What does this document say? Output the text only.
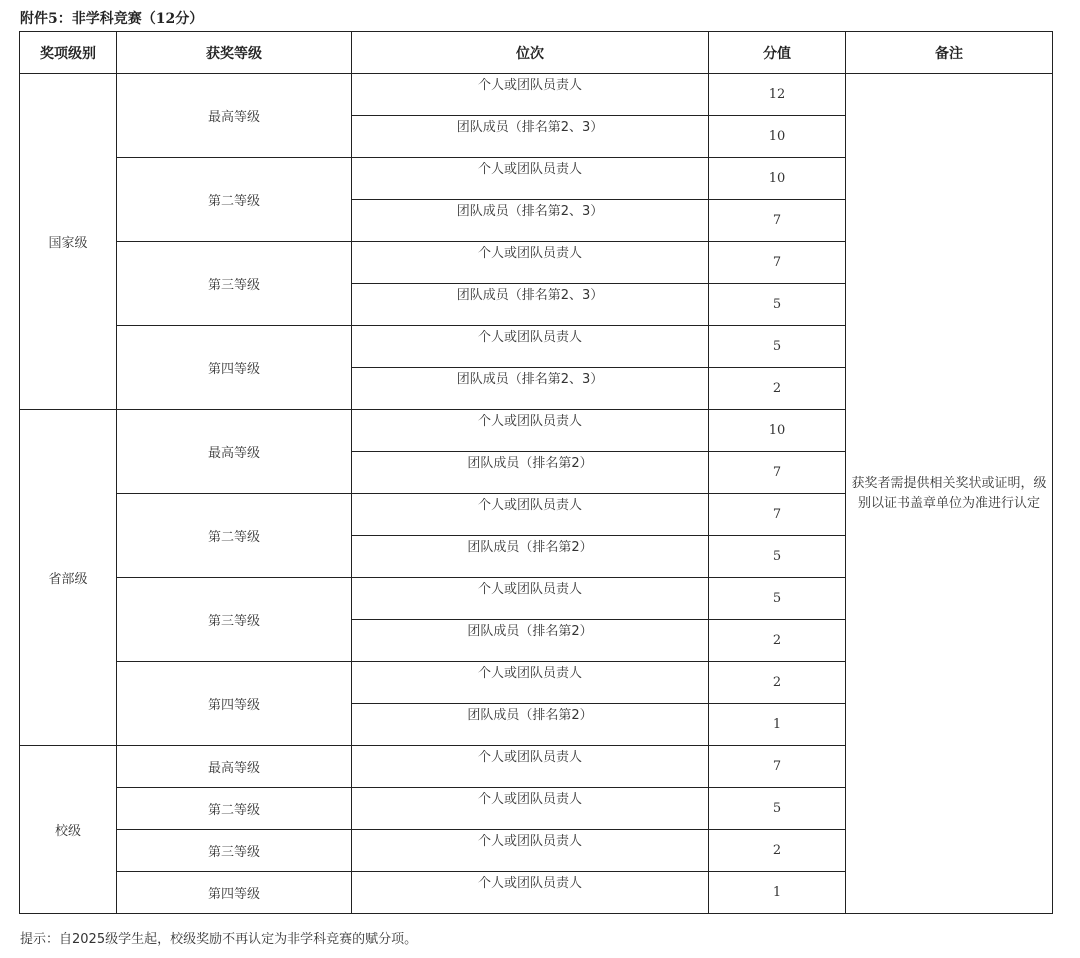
附件5：非学科竞赛（12分）
奖项级别	获奖等级	位次	分值	备注
国家级	最高等级	个人或团队员责人	12	获奖者需提供相关奖状或证明，级别以证书盖章单位为准进行认定
		团队成员（排名第2、3）	10	
	第二等级	个人或团队员责人	10	
		团队成员（排名第2、3）	7	
	第三等级	个人或团队员责人	7	
		团队成员（排名第2、3）	5	
	第四等级	个人或团队员责人	5	
		团队成员（排名第2、3）	2	
省部级	最高等级	个人或团队员责人	10	
		团队成员（排名第2）	7	
	第二等级	个人或团队员责人	7	
		团队成员（排名第2）	5	
	第三等级	个人或团队员责人	5	
		团队成员（排名第2）	2	
	第四等级	个人或团队员责人	2	
		团队成员（排名第2）	1	
校级	最高等级	个人或团队员责人	7	
	第二等级	个人或团队员责人	5	
	第三等级	个人或团队员责人	2	
	第四等级	个人或团队员责人	1	
提示：自2025级学生起，校级奖励不再认定为非学科竞赛的赋分项。
